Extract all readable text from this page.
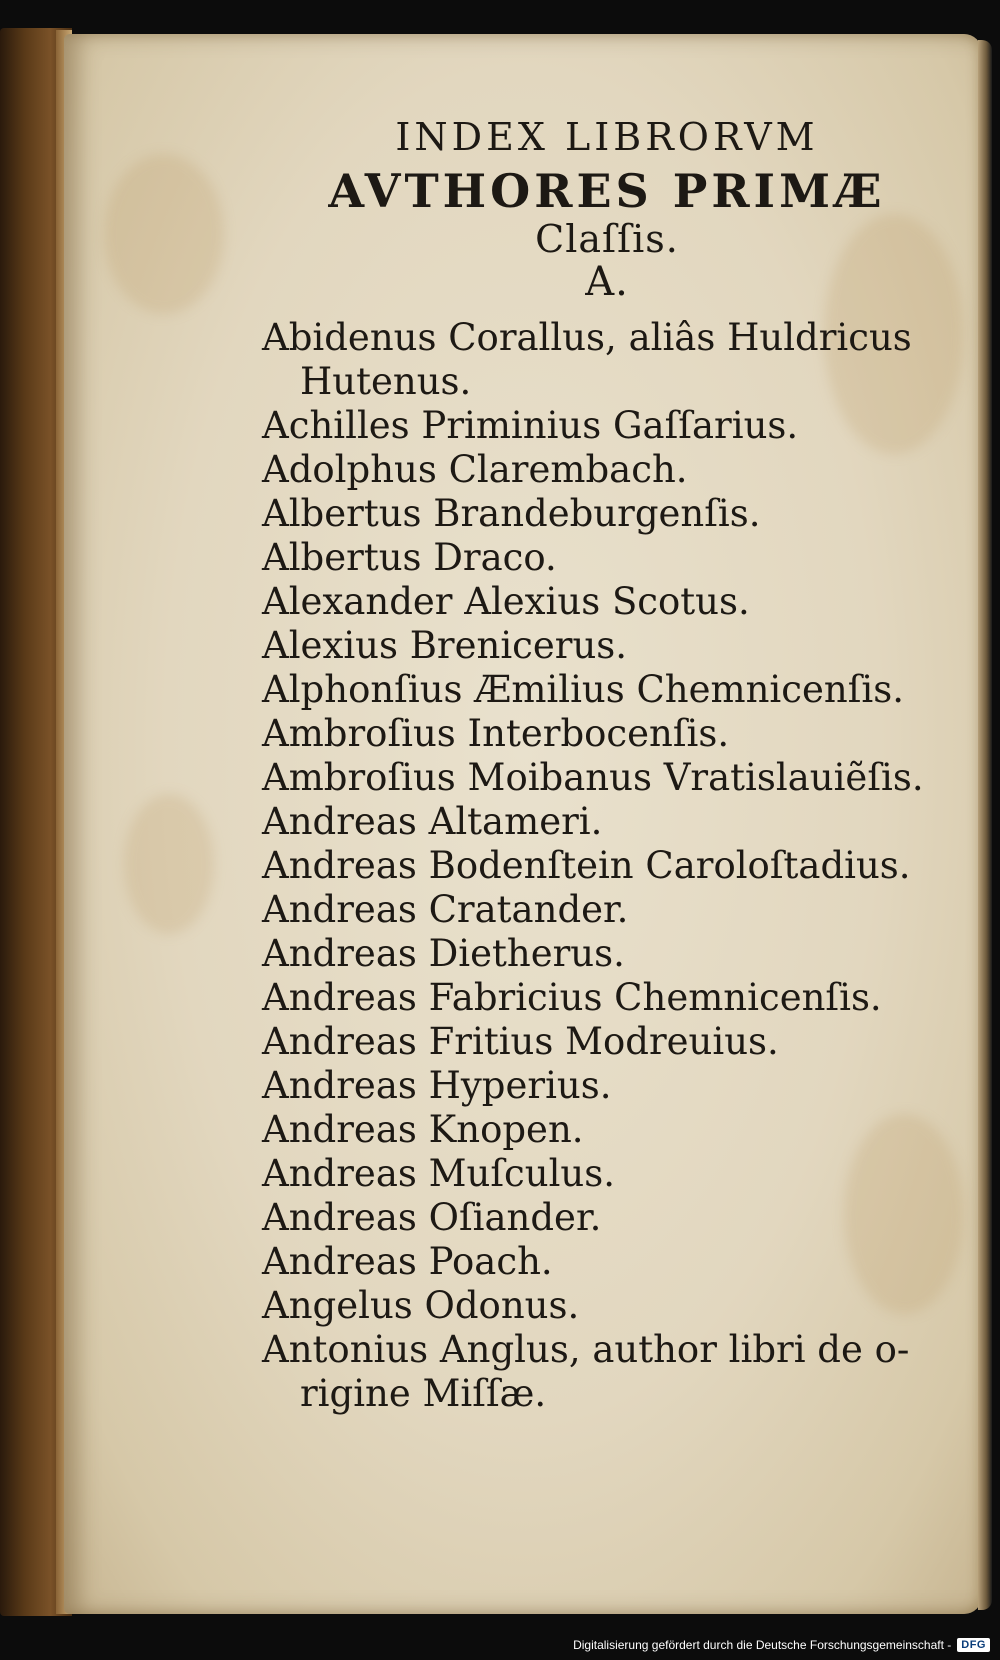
INDEX LIBRORVM
AVTHORES PRIMÆ
Claſſis.
A.
Abidenus Corallus, aliâs Huldricus
Hutenus.
Achilles Priminius Gaſſarius.
Adolphus Clarembach.
Albertus Brandeburgenſis.
Albertus Draco.
Alexander Alexius Scotus.
Alexius Brenicerus.
Alphonſius Æmilius Chemnicenſis.
Ambroſius Interbocenſis.
Ambroſius Moibanus Vratislauiẽſis.
Andreas Altameri.
Andreas Bodenſtein Caroloſtadius.
Andreas Cratander.
Andreas Dietherus.
Andreas Fabricius Chemnicenſis.
Andreas Fritius Modreuius.
Andreas Hyperius.
Andreas Knopen.
Andreas Muſculus.
Andreas Oſiander.
Andreas Poach.
Angelus Odonus.
Antonius Anglus, author libri de o-
rigine Miſſæ.
Digitalisierung gefördert durch die Deutsche Forschungsgemeinschaft - DFG
